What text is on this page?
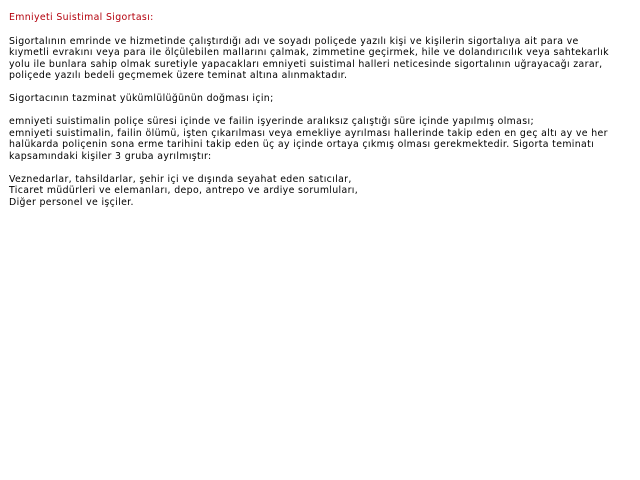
Emniyeti Suistimal Sigortası:
Sigortalının emrinde ve hizmetinde çalıştırdığı adı ve soyadı poliçede yazılı kişi ve kişilerin sigortalıya ait para ve
kıymetli evrakını veya para ile ölçülebilen mallarını çalmak, zimmetine geçirmek, hile ve dolandırıcılık veya sahtekarlık
yolu ile bunlara sahip olmak suretiyle yapacakları emniyeti suistimal halleri neticesinde sigortalının uğrayacağı zarar,
poliçede yazılı bedeli geçmemek üzere teminat altına alınmaktadır.
Sigortacının tazminat yükümlülüğünün doğması için;
emniyeti suistimalin poliçe süresi içinde ve failin işyerinde aralıksız çalıştığı süre içinde yapılmış olması;
emniyeti suistimalin, failin ölümü, işten çıkarılması veya emekliye ayrılması hallerinde takip eden en geç altı ay ve her
halükarda poliçenin sona erme tarihini takip eden üç ay içinde ortaya çıkmış olması gerekmektedir. Sigorta teminatı
kapsamındaki kişiler 3 gruba ayrılmıştır:
Veznedarlar, tahsildarlar, şehir içi ve dışında seyahat eden satıcılar,
Ticaret müdürleri ve elemanları, depo, antrepo ve ardiye sorumluları,
Diğer personel ve işçiler.
